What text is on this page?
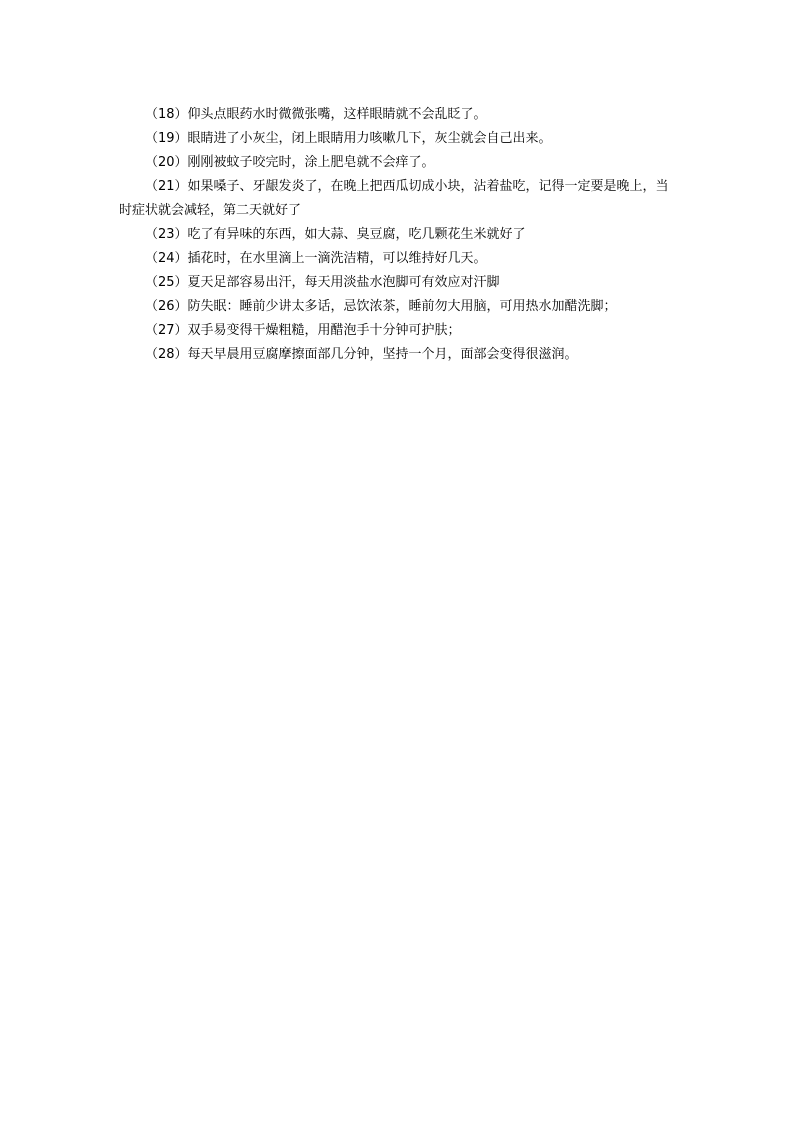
（18）仰头点眼药水时微微张嘴，这样眼睛就不会乱眨了。

（19）眼睛进了小灰尘，闭上眼睛用力咳嗽几下，灰尘就会自己出来。

（20）刚刚被蚊子咬完时，涂上肥皂就不会痒了。

（21）如果嗓子、牙龈发炎了，在晚上把西瓜切成小块，沾着盐吃，记得一定要是晚上，当时症状就会减轻，第二天就好了

（23）吃了有异味的东西，如大蒜、臭豆腐，吃几颗花生米就好了

（24）插花时，在水里滴上一滴洗洁精，可以维持好几天。

（25）夏天足部容易出汗，每天用淡盐水泡脚可有效应对汗脚

（26）防失眠：睡前少讲太多话，忌饮浓茶，睡前勿大用脑，可用热水加醋洗脚；

（27）双手易变得干燥粗糙，用醋泡手十分钟可护肤；

（28）每天早晨用豆腐摩擦面部几分钟，坚持一个月，面部会变得很滋润。
